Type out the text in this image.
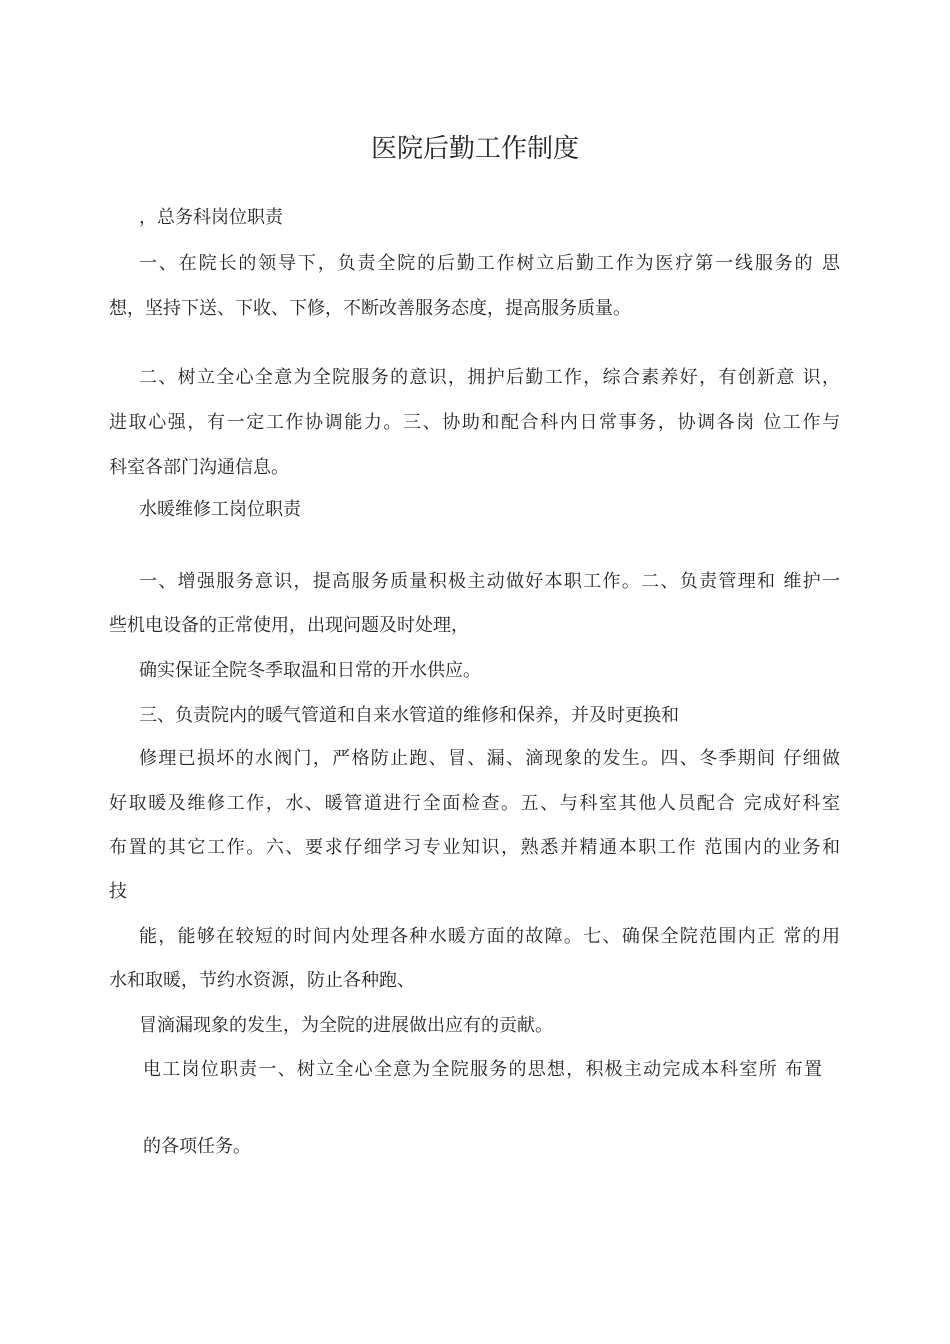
医院后勤工作制度
，总务科岗位职责
一、在院长的领导下，负责全院的后勤工作树立后勤工作为医疗第一线服务的 思
想，坚持下送、下收、下修，不断改善服务态度，提高服务质量。
二、树立全心全意为全院服务的意识，拥护后勤工作，综合素养好，有创新意 识，
进取心强，有一定工作协调能力。三、协助和配合科内日常事务，协调各岗 位工作与
科室各部门沟通信息。
水暖维修工岗位职责
一、增强服务意识，提高服务质量积极主动做好本职工作。二、负责管理和 维护一
些机电设备的正常使用，出现问题及时处理，
确实保证全院冬季取温和日常的开水供应。
三、负责院内的暖气管道和自来水管道的维修和保养，并及时更换和
修理已损坏的水阀门，严格防止跑、冒、漏、滴现象的发生。四、冬季期间 仔细做
好取暖及维修工作，水、暖管道进行全面检查。五、与科室其他人员配合 完成好科室
布置的其它工作。六、要求仔细学习专业知识，熟悉并精通本职工作 范围内的业务和
技
能，能够在较短的时间内处理各种水暖方面的故障。七、确保全院范围内正 常的用
水和取暖，节约水资源，防止各种跑、
冒滴漏现象的发生，为全院的进展做出应有的贡献。
电工岗位职责一、树立全心全意为全院服务的思想，积极主动完成本科室所 布置
的各项任务。
